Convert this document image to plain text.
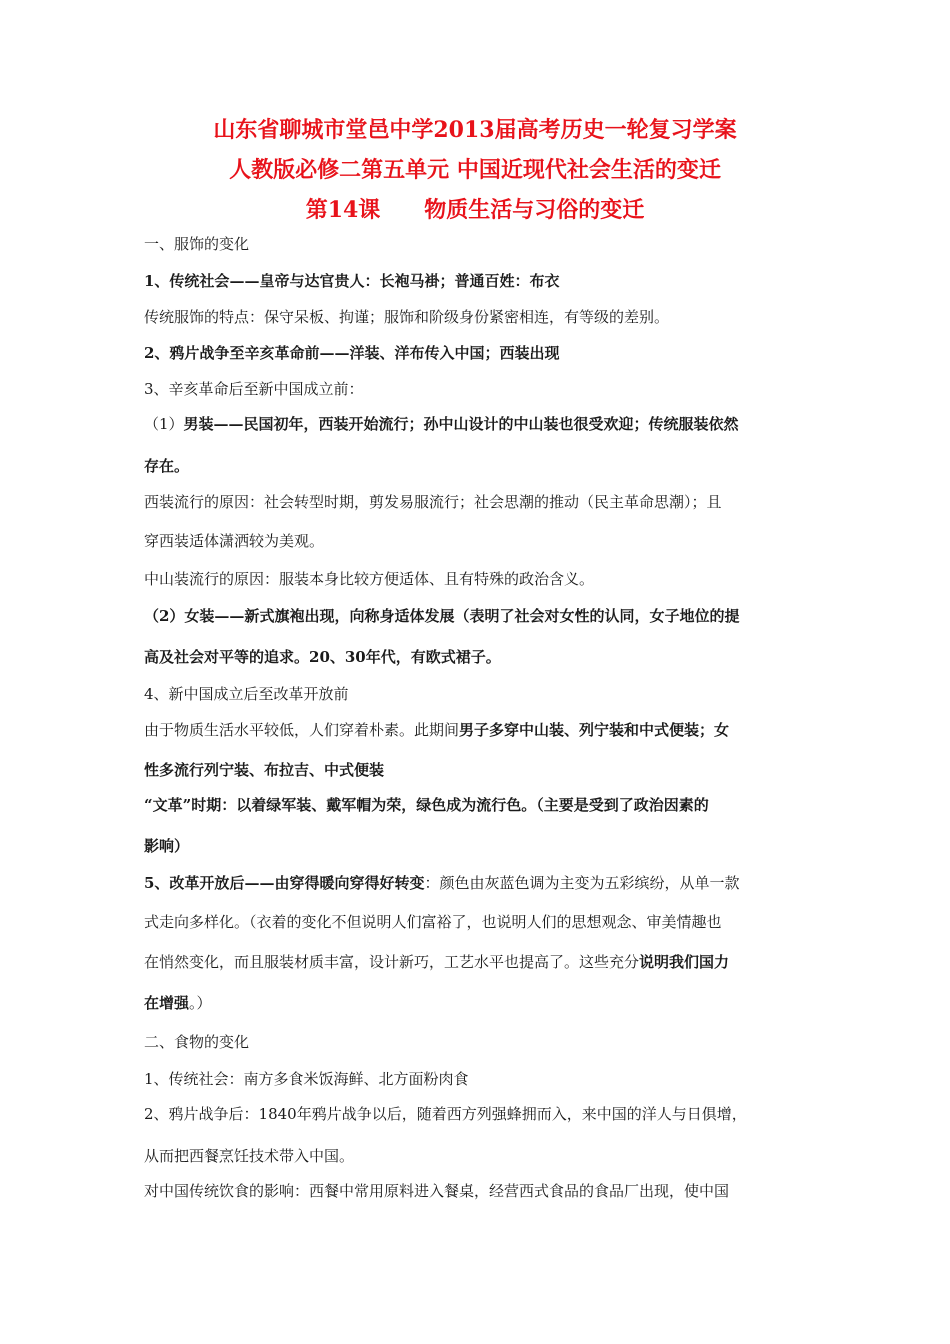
山东省聊城市堂邑中学2013届高考历史一轮复习学案
人教版必修二第五单元 中国近现代社会生活的变迁
第14课　　物质生活与习俗的变迁
一、服饰的变化
1、传统社会——皇帝与达官贵人：长袍马褂；普通百姓：布衣
传统服饰的特点：保守呆板、拘谨；服饰和阶级身份紧密相连，有等级的差别。
2、鸦片战争至辛亥革命前——洋装、洋布传入中国；西装出现
3、辛亥革命后至新中国成立前：
（1）男装——民国初年，西装开始流行；孙中山设计的中山装也很受欢迎；传统服装依然
存在。
西装流行的原因：社会转型时期，剪发易服流行；社会思潮的推动（民主革命思潮）；且
穿西装适体潇洒较为美观。
中山装流行的原因：服装本身比较方便适体、且有特殊的政治含义。
（2）女装——新式旗袍出现，向称身适体发展（表明了社会对女性的认同，女子地位的提
高及社会对平等的追求。20、30年代，有欧式裙子。
4、新中国成立后至改革开放前
由于物质生活水平较低，人们穿着朴素。此期间男子多穿中山装、列宁装和中式便装；女
性多流行列宁装、布拉吉、中式便装
“文革”时期：以着绿军装、戴军帽为荣，绿色成为流行色。（主要是受到了政治因素的
影响）
5、改革开放后——由穿得暖向穿得好转变：颜色由灰蓝色调为主变为五彩缤纷，从单一款
式走向多样化。（衣着的变化不但说明人们富裕了，也说明人们的思想观念、审美情趣也
在悄然变化，而且服装材质丰富，设计新巧，工艺水平也提高了。这些充分说明我们国力
在增强。）
二、食物的变化
1、传统社会：南方多食米饭海鲜、北方面粉肉食
2、鸦片战争后：1840年鸦片战争以后，随着西方列强蜂拥而入，来中国的洋人与日俱增，
从而把西餐烹饪技术带入中国。
对中国传统饮食的影响：西餐中常用原料进入餐桌，经营西式食品的食品厂出现，使中国
